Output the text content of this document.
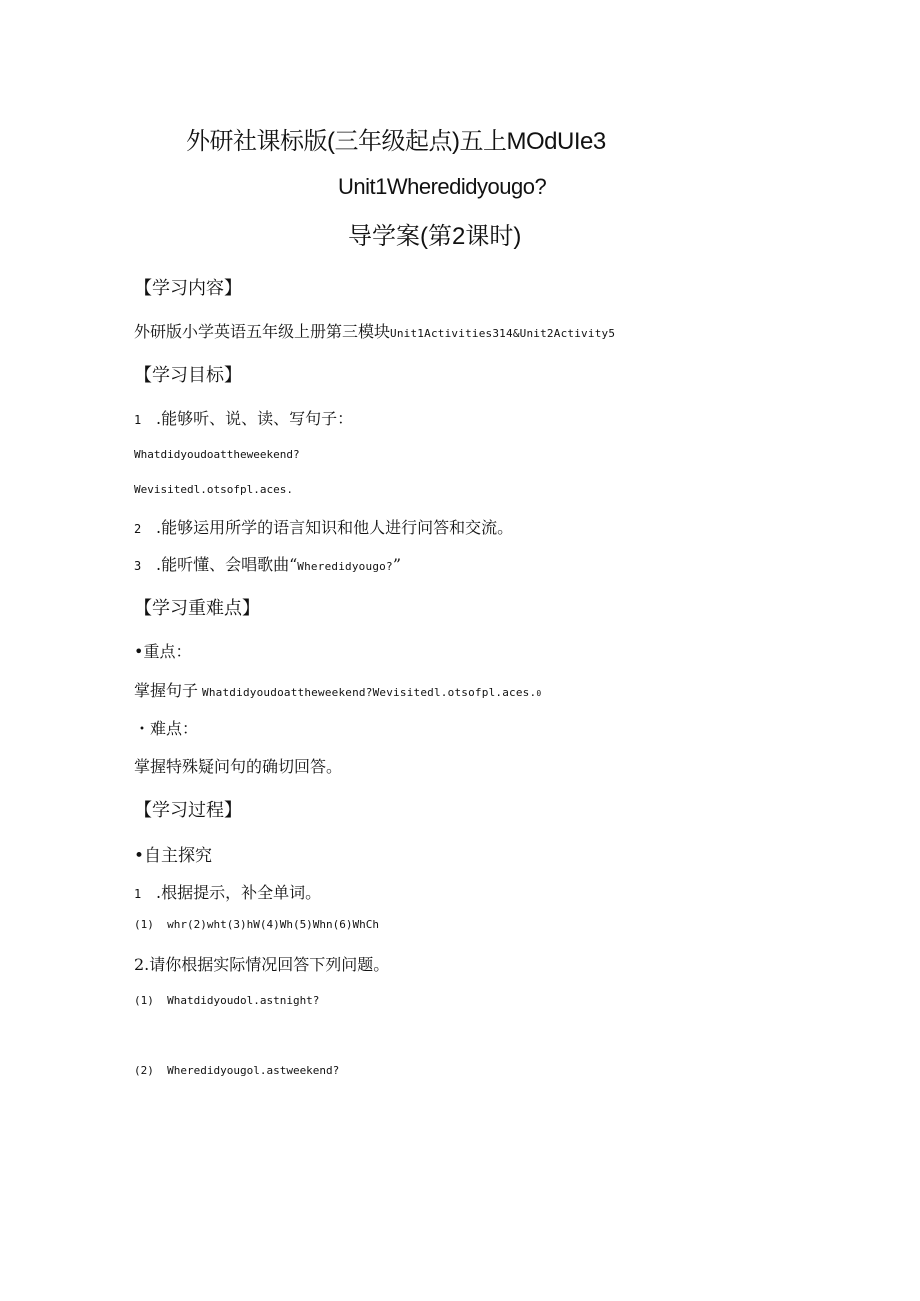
外研社课标版(三年级起点)五上MOdUIe3
Unit1Wheredidyougo?
导学案(第2课时)
【学习内容】
外研版小学英语五年级上册第三模块Unit1Activities314&Unit2Activity5
【学习目标】
1 .能够听、说、读、写句子：
Whatdidyoudoattheweekend?
Wevisitedl.otsofpl.aces.
2 .能够运用所学的语言知识和他人进行问答和交流。
3 .能听懂、会唱歌曲“Wheredidyougo?”
【学习重难点】
•重点：
掌握句子 Whatdidyoudoattheweekend?Wevisitedl.otsofpl.aces.0
・难点：
掌握特殊疑问句的确切回答。
【学习过程】
•自主探究
1 .根据提示，补全单词。
(1)  whr(2)wht(3)hW(4)Wh(5)Whn(6)WhCh
2.请你根据实际情况回答下列问题。
(1)  Whatdidyoudol.astnight?
(2)  Wheredidyougol.astweekend?
